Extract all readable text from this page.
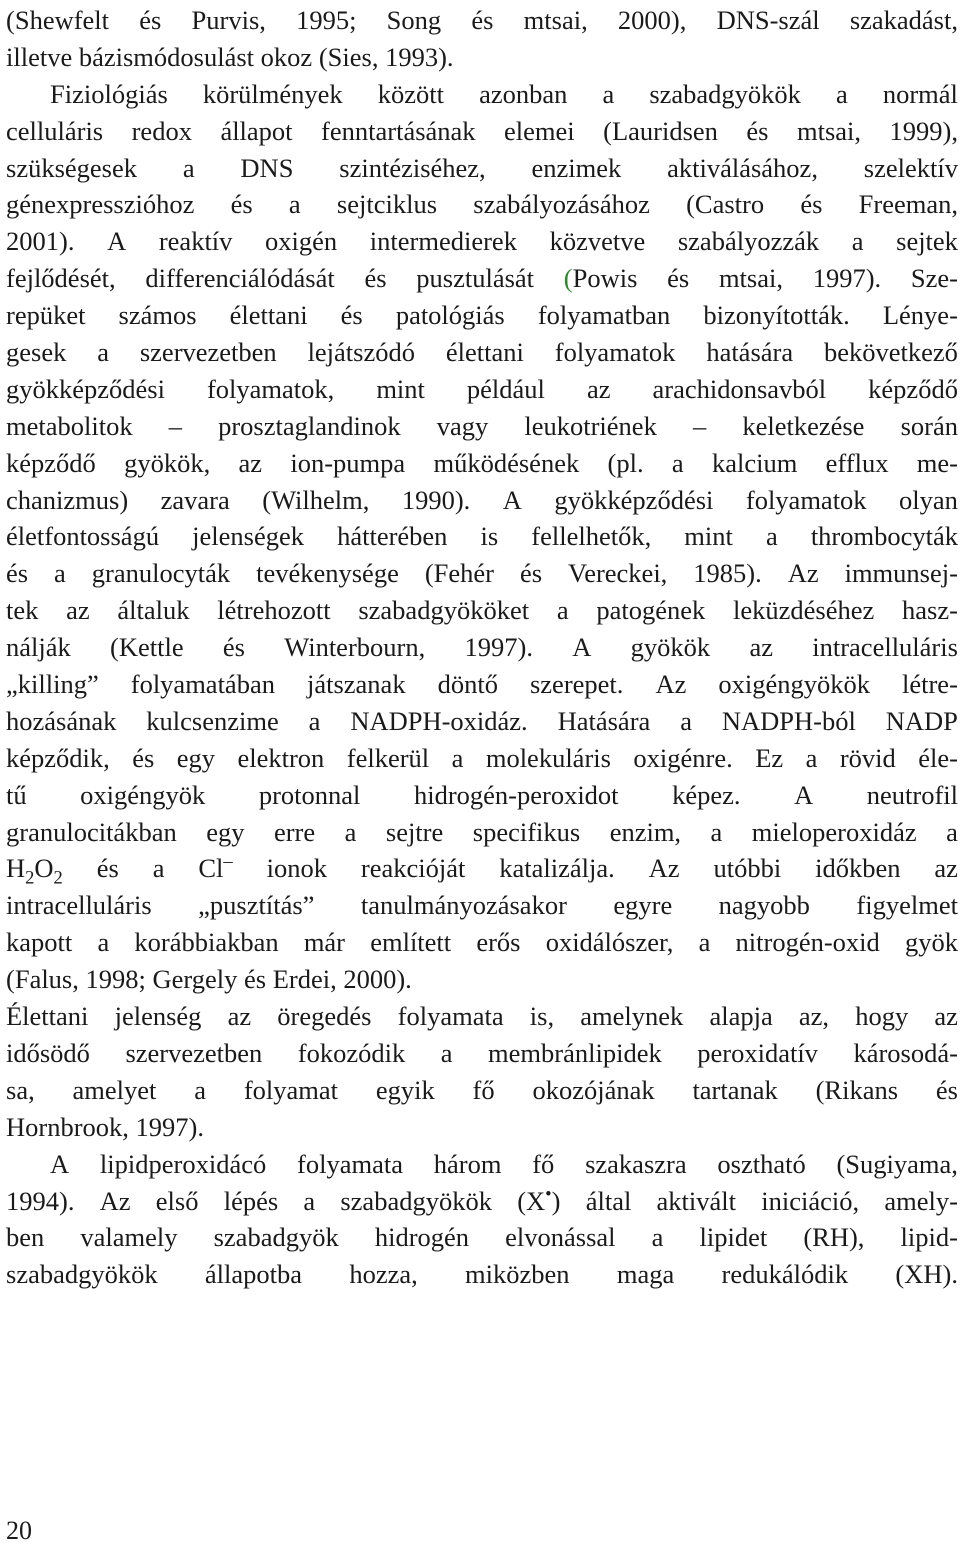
(Shewfelt és Purvis, 1995; Song és mtsai, 2000), DNS-szál szakadást,
illetve
bázismódosulást
okoz
(Sies,
1993).
Fiziológiás körülmények között azonban a szabadgyökök a normál
celluláris redox állapot fenntartásának elemei (Lauridsen és mtsai, 1999),
szükségesek a DNS szintéziséhez, enzimek aktiválásához, szelektív
génexpresszióhoz és a sejtciklus szabályozásához (Castro és Freeman,
2001). A reaktív oxigén intermedierek közvetve szabályozzák a sejtek
fejlődését, differenciálódását és pusztulását (Powis és mtsai, 1997). Sze-
repüket számos élettani és patológiás folyamatban bizonyították. Lénye-
gesek a szervezetben lejátszódó élettani folyamatok hatására bekövetkező
gyökképződési folyamatok, mint például az arachidonsavból képződő
metabolitok – prosztaglandinok vagy leukotriének – keletkezése során
képződő gyökök, az ion-pumpa működésének (pl. a kalcium efflux me-
chanizmus) zavara (Wilhelm, 1990). A gyökképződési folyamatok olyan
életfontosságú jelenségek hátterében is fellelhetők, mint a thrombocyták
és a granulocyták tevékenysége (Fehér és Vereckei, 1985). Az immunsej-
tek az általuk létrehozott szabadgyököket a patogének leküzdéséhez hasz-
nálják (Kettle és Winterbourn, 1997). A gyökök az intracelluláris
„killing” folyamatában játszanak döntő szerepet. Az oxigéngyökök létre-
hozásának kulcsenzime a NADPH-oxidáz. Hatására a NADPH-ból NADP
képződik, és egy elektron felkerül a molekuláris oxigénre. Ez a rövid éle-
tű oxigéngyök protonnal hidrogén-peroxidot képez. A neutrofil
granulocitákban egy erre a sejtre specifikus enzim, a mieloperoxidáz a
$H_2O_2$ és a Cl– ionok reakcióját katalizálja. Az utóbbi időkben az
intracelluláris „pusztítás” tanulmányozásakor egyre nagyobb figyelmet
kapott a korábbiakban már említett erős oxidálószer, a nitrogén-oxid gyök
(Falus,
1998;
Gergely
és
Erdei,
2000).
Élettani jelenség az öregedés folyamata is, amelynek alapja az, hogy az
idősödő szervezetben fokozódik a membránlipidek peroxidatív károsodá-
sa, amelyet a folyamat egyik fő okozójának tartanak (Rikans és
Hornbrook,
1997).
A lipidperoxidácó folyamata három fő szakaszra osztható (Sugiyama,
1994). Az első lépés a szabadgyökök (X•) által aktivált iniciáció, amely-
ben valamely szabadgyök hidrogén elvonással a lipidet (RH), lipid-
szabadgyökök állapotba hozza, miközben maga redukálódik (XH).
20
